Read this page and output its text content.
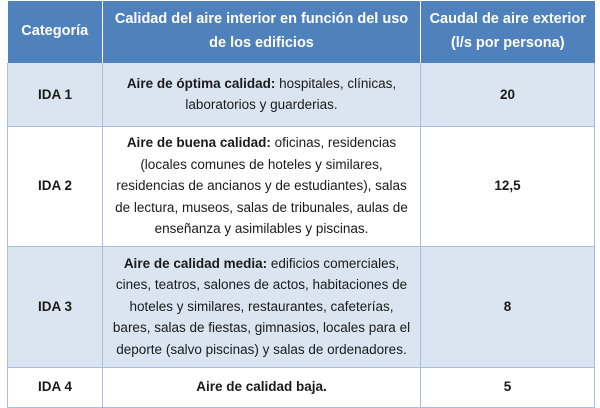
Categoría	Calidad del aire interior en función del uso de los edificios	Caudal de aire exterior (l/s por persona)
IDA 1	Aire de óptima calidad: hospitales, clínicas, laboratorios y guarderias.	20
IDA 2	Aire de buena calidad: oficinas, residencias (locales comunes de hoteles y similares, residencias de ancianos y de estudiantes), salas de lectura, museos, salas de tribunales, aulas de enseñanza y asimilables y piscinas.	12,5
IDA 3	Aire de calidad media: edificios comerciales, cines, teatros, salones de actos, habitaciones de hoteles y similares, restaurantes, cafeterías, bares, salas de fiestas, gimnasios, locales para el deporte (salvo piscinas) y salas de ordenadores.	8
IDA 4	Aire de calidad baja.	5
